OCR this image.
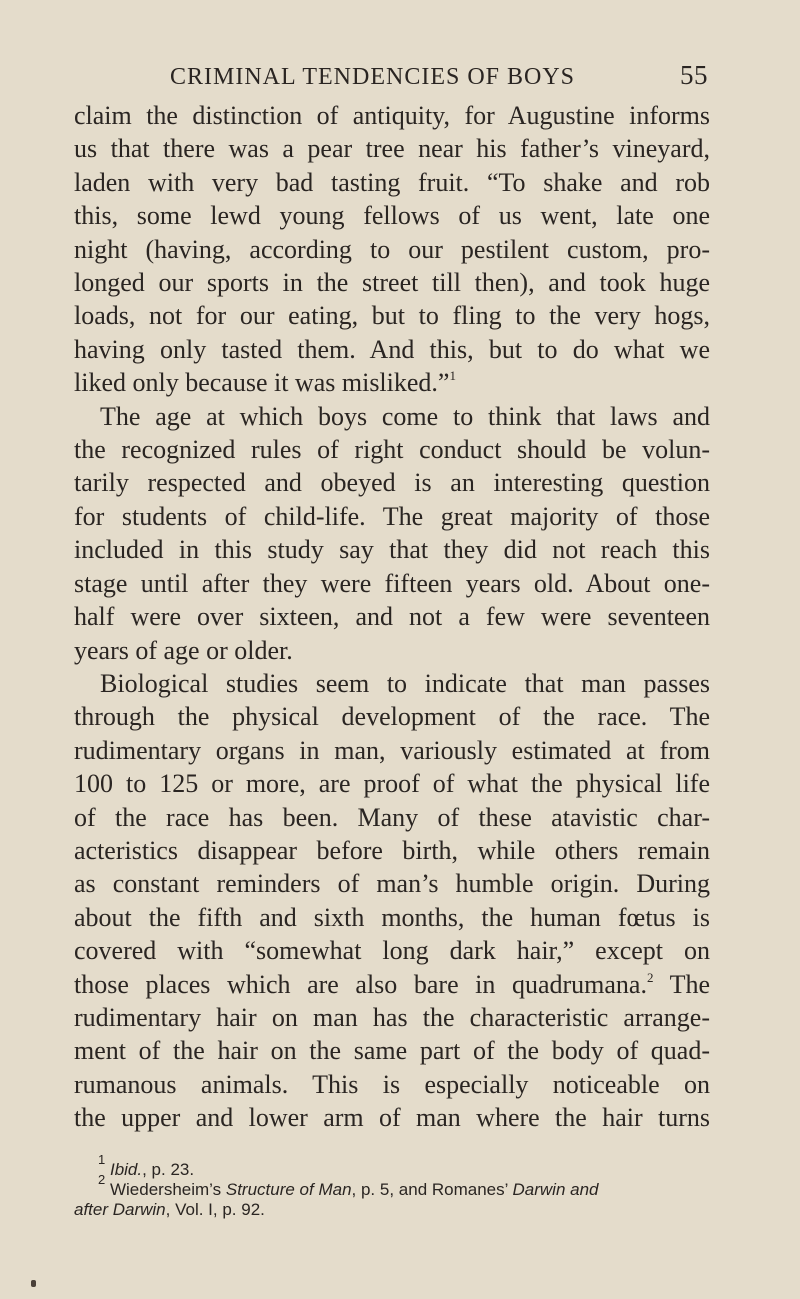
CRIMINAL TENDENCIES OF BOYS	55
claim the distinction of antiquity, for Augustine informs
us that there was a pear tree near his father’s vineyard,
laden with very bad tasting fruit. “To shake and rob
this, some lewd young fellows of us went, late one
night (having, according to our pestilent custom, pro-
longed our sports in the street till then), and took huge
loads, not for our eating, but to fling to the very hogs,
having only tasted them. And this, but to do what we
liked only because it was misliked.”$^1$
The age at which boys come to think that laws and
the recognized rules of right conduct should be volun-
tarily respected and obeyed is an interesting question
for students of child-life. The great majority of those
included in this study say that they did not reach this
stage until after they were fifteen years old. About one-
half were over sixteen, and not a few were seventeen
years of age or older.
Biological studies seem to indicate that man passes
through the physical development of the race. The
rudimentary organs in man, variously estimated at from
100 to 125 or more, are proof of what the physical life
of the race has been. Many of these atavistic char-
acteristics disappear before birth, while others remain
as constant reminders of man’s humble origin. During
about the fifth and sixth months, the human fœtus is
covered with “somewhat long dark hair,” except on
those places which are also bare in quadrumana.$^2$ The
rudimentary hair on man has the characteristic arrange-
ment of the hair on the same part of the body of quad-
rumanous animals. This is especially noticeable on
the upper and lower arm of man where the hair turns

$^1$ Ibid., p. 23.

$^2$ Wiedersheim’s Structure of Man, p. 5, and Romanes’ Darwin and

after Darwin, Vol. I, p. 92.
